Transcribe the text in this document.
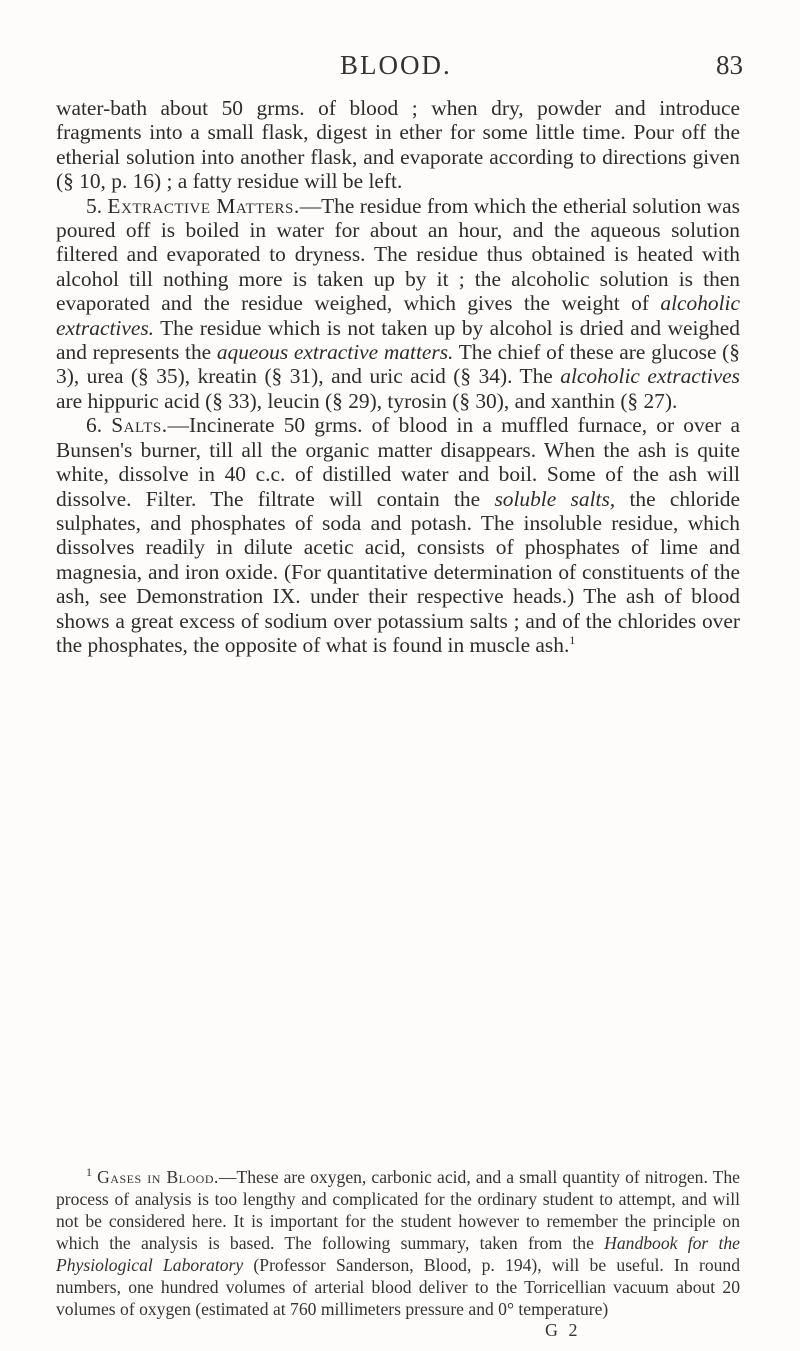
BLOOD.	83

water-bath about 50 grms. of blood ; when dry, powder and introduce fragments into a small flask, digest in ether for some little time. Pour off the etherial solution into another flask, and evaporate according to directions given (§ 10, p. 16) ; a fatty residue will be left.

5. Extractive Matters.—The residue from which the etherial solution was poured off is boiled in water for about an hour, and the aqueous solution filtered and evaporated to dryness. The residue thus obtained is heated with alcohol till nothing more is taken up by it ; the alcoholic solution is then evaporated and the residue weighed, which gives the weight of alcoholic extractives. The residue which is not taken up by alcohol is dried and weighed and represents the aqueous extractive matters. The chief of these are glucose (§ 3), urea (§ 35), kreatin (§ 31), and uric acid (§ 34). The alcoholic extractives are hippuric acid (§ 33), leucin (§ 29), tyrosin (§ 30), and xanthin (§ 27).

6. Salts.—Incinerate 50 grms. of blood in a muffled furnace, or over a Bunsen's burner, till all the organic matter disappears. When the ash is quite white, dissolve in 40 c.c. of distilled water and boil. Some of the ash will dissolve. Filter. The filtrate will contain the soluble salts, the chloride sulphates, and phosphates of soda and potash. The insoluble residue, which dissolves readily in dilute acetic acid, consists of phosphates of lime and magnesia, and iron oxide. (For quantitative determination of constituents of the ash, see Demonstration IX. under their respective heads.) The ash of blood shows a great excess of sodium over potassium salts ; and of the chlorides over the phosphates, the opposite of what is found in muscle ash.$^1$

$^1$ Gases in Blood.—These are oxygen, carbonic acid, and a small quantity of nitrogen. The process of analysis is too lengthy and complicated for the ordinary student to attempt, and will not be considered here. It is important for the student however to remember the principle on which the analysis is based. The following summary, taken from the Handbook for the Physiological Laboratory (Professor Sanderson, Blood, p. 194), will be useful. In round numbers, one hundred volumes of arterial blood deliver to the Torricellian vacuum about 20 volumes of oxygen (estimated at 760 millimeters pressure and 0° temperature)

G 2
